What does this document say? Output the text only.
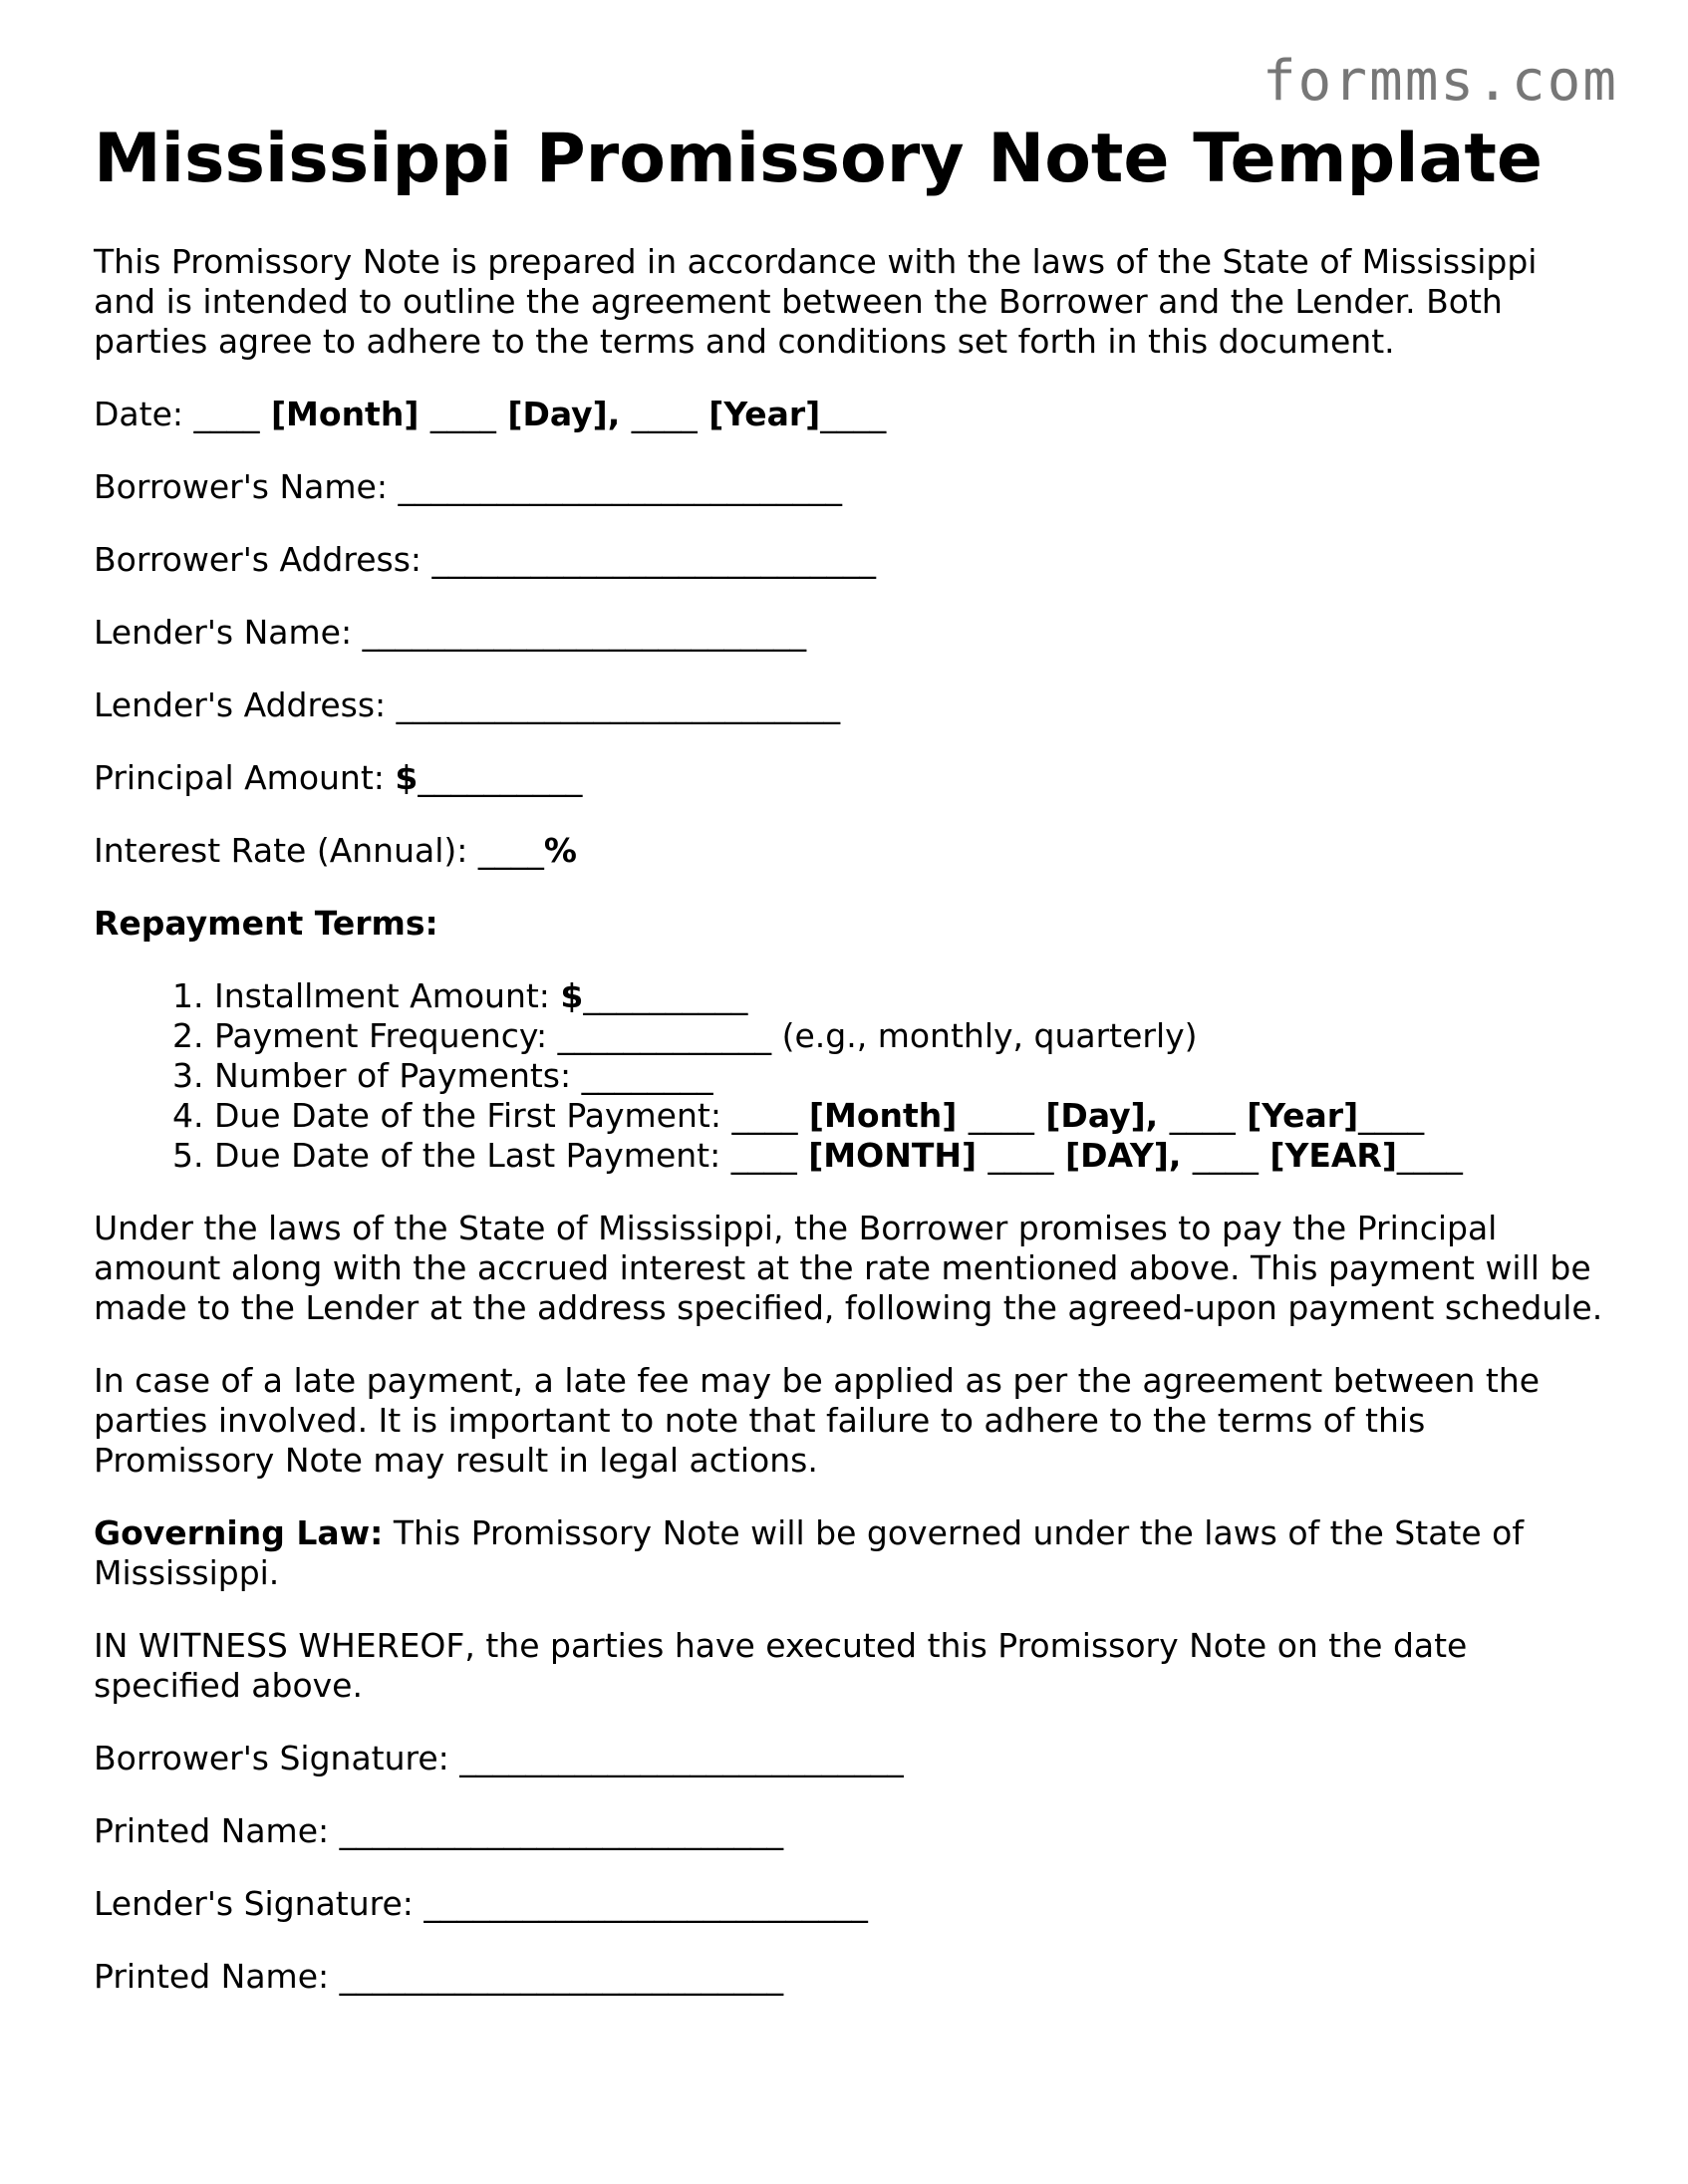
formms.com
Mississippi Promissory Note Template

This Promissory Note is prepared in accordance with the laws of the State of Mississippi and is intended to outline the agreement between the Borrower and the Lender. Both parties agree to adhere to the terms and conditions set forth in this document.

Date: ____ [Month] ____ [Day], ____ [Year]____

Borrower's Name: ___________________________

Borrower's Address: ___________________________

Lender's Name: ___________________________

Lender's Address: ___________________________

Principal Amount: $__________

Interest Rate (Annual): ____%

Repayment Terms:

1. Installment Amount: $__________
2. Payment Frequency: _____________ (e.g., monthly, quarterly)
3. Number of Payments: ________
4. Due Date of the First Payment: ____ [Month] ____ [Day], ____ [Year]____
5. Due Date of the Last Payment: ____ [MONTH] ____ [DAY], ____ [YEAR]____

Under the laws of the State of Mississippi, the Borrower promises to pay the Principal amount along with the accrued interest at the rate mentioned above. This payment will be made to the Lender at the address specified, following the agreed-upon payment schedule.

In case of a late payment, a late fee may be applied as per the agreement between the parties involved. It is important to note that failure to adhere to the terms of this Promissory Note may result in legal actions.

Governing Law: This Promissory Note will be governed under the laws of the State of Mississippi.

IN WITNESS WHEREOF, the parties have executed this Promissory Note on the date specified above.

Borrower's Signature: ___________________________

Printed Name: ___________________________

Lender's Signature: ___________________________

Printed Name: ___________________________
